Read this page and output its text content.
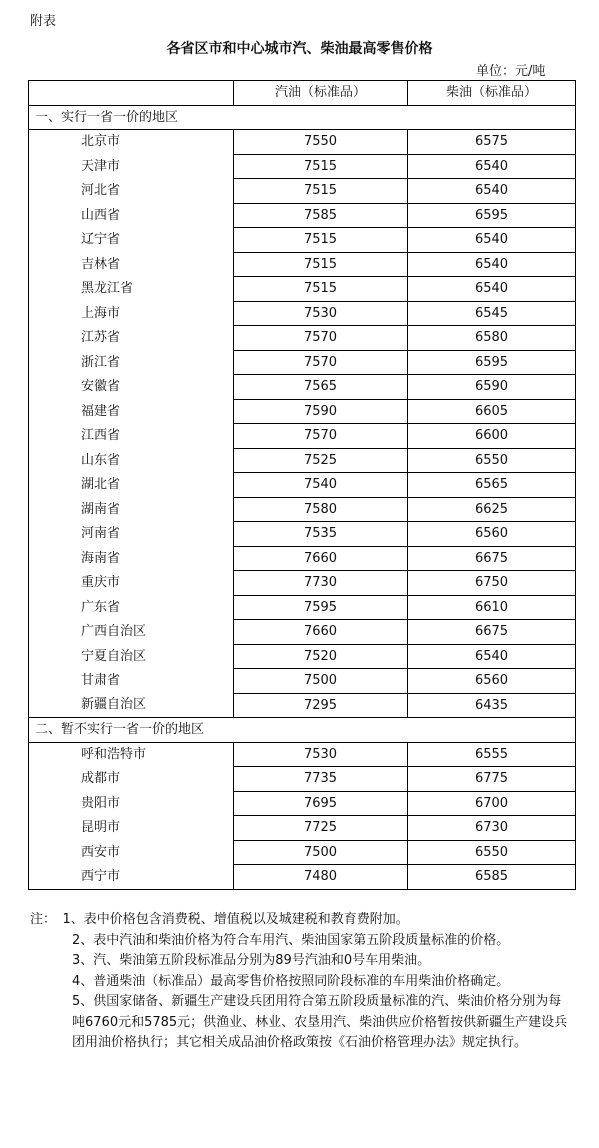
附表
各省区市和中心城市汽、柴油最高零售价格
单位：元/吨
	汽油（标准品）	柴油（标准品）
一、实行一省一价的地区		
北京市	7550	6575
天津市	7515	6540
河北省	7515	6540
山西省	7585	6595
辽宁省	7515	6540
吉林省	7515	6540
黑龙江省	7515	6540
上海市	7530	6545
江苏省	7570	6580
浙江省	7570	6595
安徽省	7565	6590
福建省	7590	6605
江西省	7570	6600
山东省	7525	6550
湖北省	7540	6565
湖南省	7580	6625
河南省	7535	6560
海南省	7660	6675
重庆市	7730	6750
广东省	7595	6610
广西自治区	7660	6675
宁夏自治区	7520	6540
甘肃省	7500	6560
新疆自治区	7295	6435
二、暂不实行一省一价的地区		
呼和浩特市	7530	6555
成都市	7735	6775
贵阳市	7695	6700
昆明市	7725	6730
西安市	7500	6550
西宁市	7480	6585

注：　1、表中价格包含消费税、增值税以及城建税和教育费附加。

2、表中汽油和柴油价格为符合车用汽、柴油国家第五阶段质量标准的价格。

3、汽、柴油第五阶段标准品分别为89号汽油和0号车用柴油。

4、普通柴油（标准品）最高零售价格按照同阶段标准的车用柴油价格确定。

5、供国家储备、新疆生产建设兵团用符合第五阶段质量标准的汽、柴油价格分别为每吨6760元和5785元；供渔业、林业、农垦用汽、柴油供应价格暂按供新疆生产建设兵团用油价格执行；其它相关成品油价格政策按《石油价格管理办法》规定执行。
